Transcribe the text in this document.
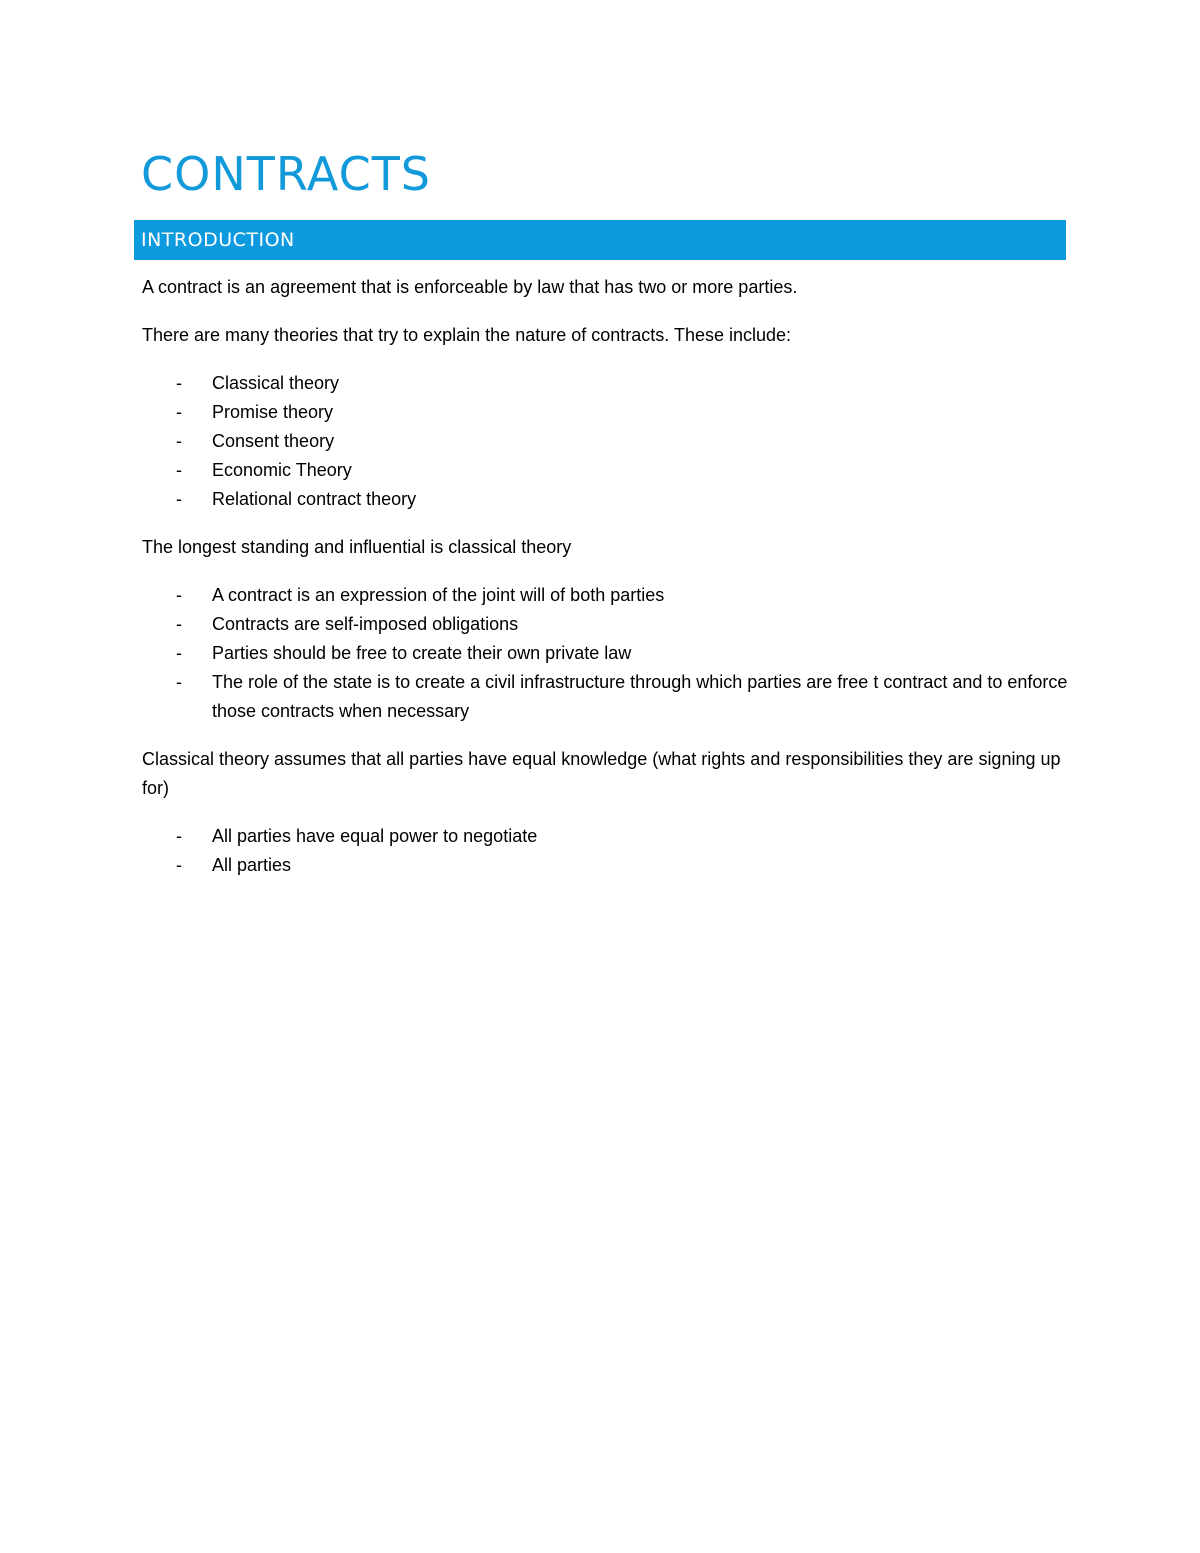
CONTRACTS
INTRODUCTION

A contract is an agreement that is enforceable by law that has two or more parties.

There are many theories that try to explain the nature of contracts. These include:

- Classical theory
- Promise theory
- Consent theory
- Economic Theory
- Relational contract theory

The longest standing and influential is classical theory

- A contract is an expression of the joint will of both parties
- Contracts are self-imposed obligations
- Parties should be free to create their own private law
- The role of the state is to create a civil infrastructure through which parties are free t contract and to enforce those contracts when necessary

Classical theory assumes that all parties have equal knowledge (what rights and responsibilities they are signing up for)

- All parties have equal power to negotiate
- All parties
